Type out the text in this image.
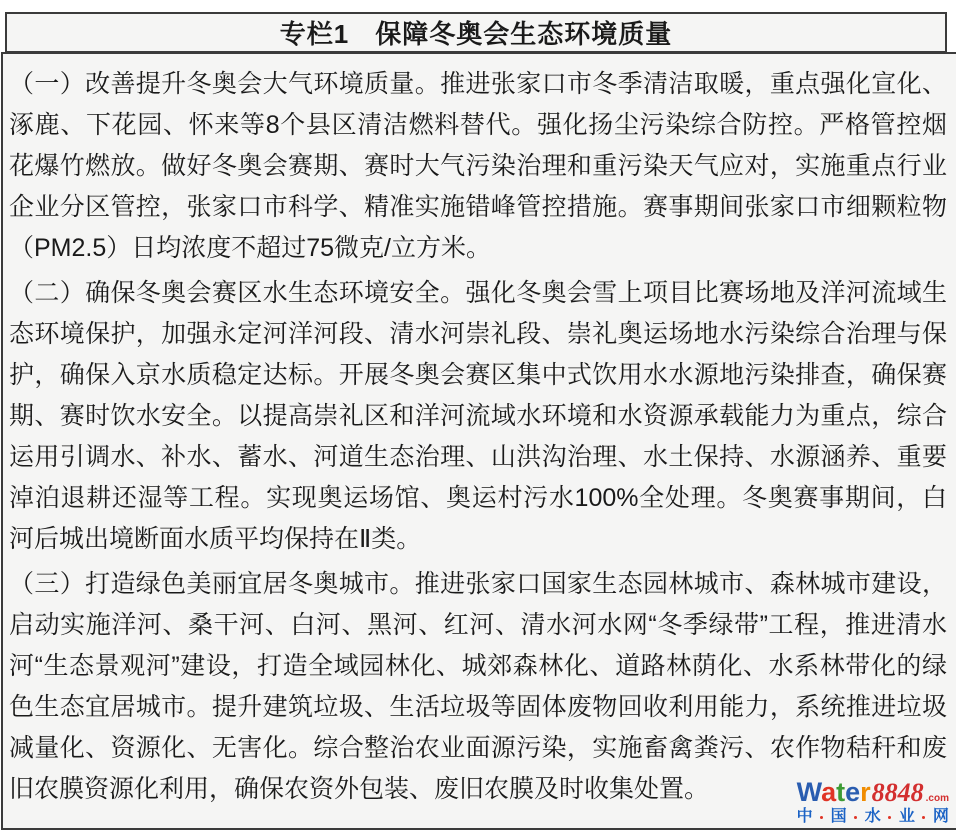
专栏1 保障冬奥会生态环境质量

（一）改善提升冬奥会大气环境质量。推进张家口市冬季清洁取暖，重点强化宣化、涿鹿、下花园、怀来等8个县区清洁燃料替代。强化扬尘污染综合防控。严格管控烟花爆竹燃放。做好冬奥会赛期、赛时大气污染治理和重污染天气应对，实施重点行业企业分区管控，张家口市科学、精准实施错峰管控措施。赛事期间张家口市细颗粒物（PM2.5）日均浓度不超过75微克/立方米。

（二）确保冬奥会赛区水生态环境安全。强化冬奥会雪上项目比赛场地及洋河流域生态环境保护，加强永定河洋河段、清水河崇礼段、崇礼奥运场地水污染综合治理与保护，确保入京水质稳定达标。开展冬奥会赛区集中式饮用水水源地污染排查，确保赛期、赛时饮水安全。以提高崇礼区和洋河流域水环境和水资源承载能力为重点，综合运用引调水、补水、蓄水、河道生态治理、山洪沟治理、水土保持、水源涵养、重要淖泊退耕还湿等工程。实现奥运场馆、奥运村污水100%全处理。冬奥赛事期间，白河后城出境断面水质平均保持在Ⅱ类。

（三）打造绿色美丽宜居冬奥城市。推进张家口国家生态园林城市、森林城市建设，启动实施洋河、桑干河、白河、黑河、红河、清水河水网“冬季绿带”工程，推进清水河“生态景观河”建设，打造全域园林化、城郊森林化、道路林荫化、水系林带化的绿色生态宜居城市。提升建筑垃圾、生活垃圾等固体废物回收利用能力，系统推进垃圾减量化、资源化、无害化。综合整治农业面源污染，实施畜禽粪污、农作物秸秆和废旧农膜资源化利用，确保农资外包装、废旧农膜及时收集处置。	Water 8848 .com
中 国 水 业 网
